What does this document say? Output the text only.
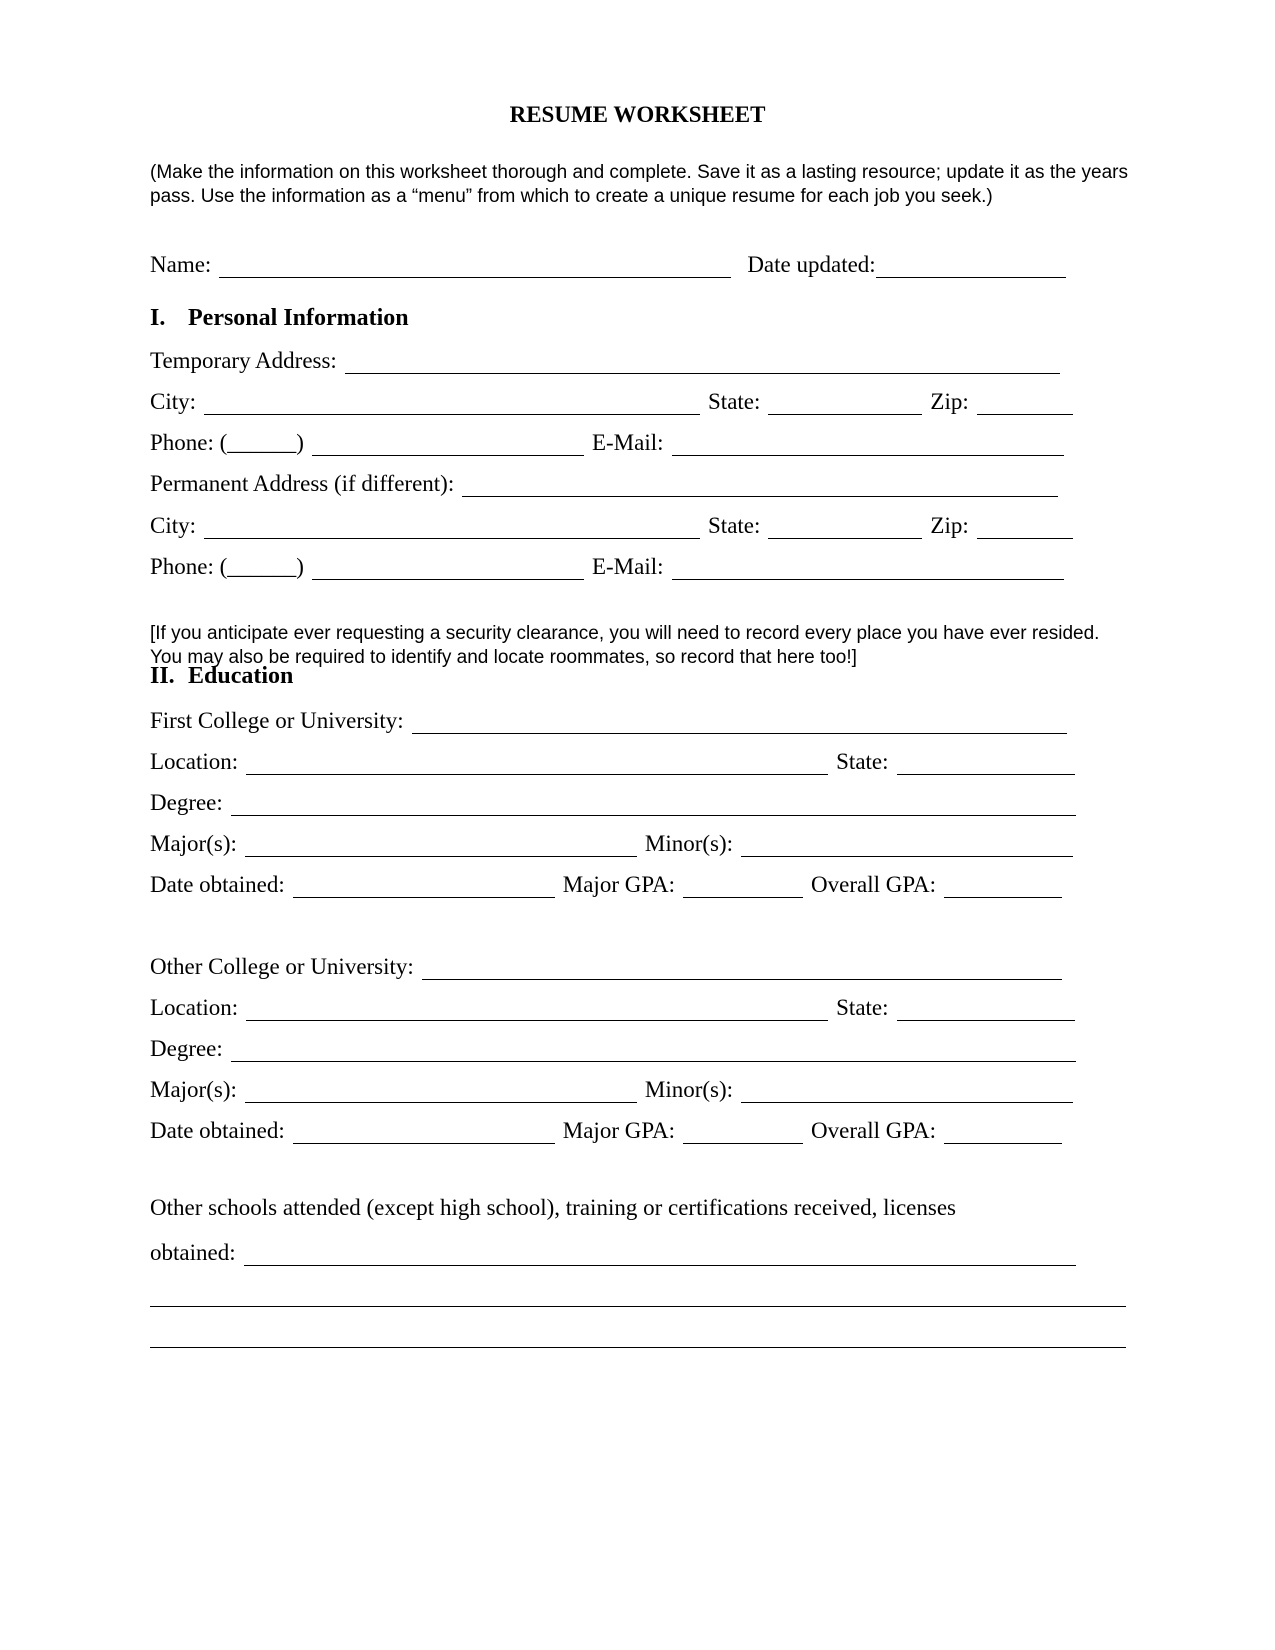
RESUME WORKSHEET
(Make the information on this worksheet thorough and complete. Save it as a lasting resource; update it as the years pass. Use the information as a “menu” from which to create a unique resume for each job you seek.)
Name:	Date updated:
I. Personal Information
Temporary Address:
City:	State:	Zip:
Phone: (______)	E-Mail:
Permanent Address (if different):
City:	State:	Zip:
Phone: (______)	E-Mail:
[If you anticipate ever requesting a security clearance, you will need to record every place you have ever resided. You may also be required to identify and locate roommates, so record that here too!]
II. Education
First College or University:
Location:	State:
Degree:
Major(s):	Minor(s):
Date obtained:	Major GPA:	Overall GPA:
Other College or University:
Location:	State:
Degree:
Major(s):	Minor(s):
Date obtained:	Major GPA:	Overall GPA:
Other schools attended (except high school), training or certifications received, licenses
obtained:
